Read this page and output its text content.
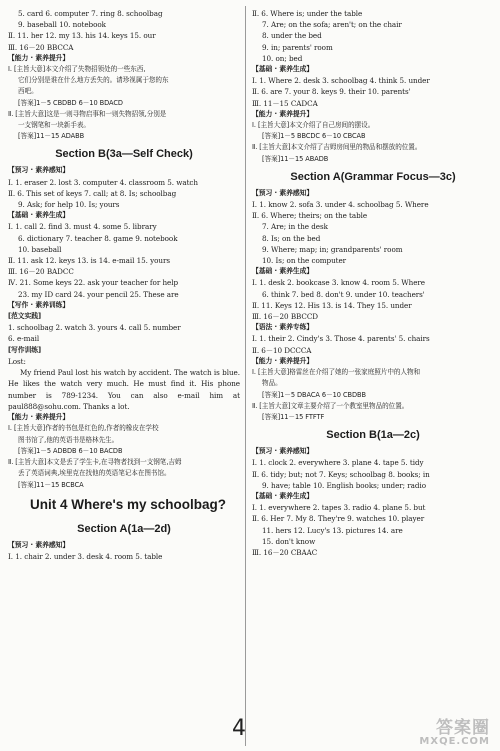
5. card 6. computer 7. ring 8. schoolbag
9. baseball 10. notebook
Ⅱ. 11. her 12. my 13. his 14. keys 15. our
Ⅲ. 16－20 BBCCA
【能力 · 素养提升】
Ⅰ. [主旨大意]本文介绍了失物招领处的一些东西,
它们分别是谁在什么地方丢失的。请珍视属于您的东
西吧。
[答案]1－5 CBDBD 6－10 BDACD
Ⅱ. [主旨大意]这是一则寻物启事和一则失物招领,分别是
一支钢笔和一块新手表。
[答案]11－15 ADABB
Section B(3a—Self Check)
【预习 · 素养感知】
Ⅰ. 1. eraser 2. lost 3. computer 4. classroom 5. watch
Ⅱ. 6. This set of keys 7. call; at 8. Is; schoolbag
9. Ask; for help 10. Is; yours
【基础 · 素养生成】
Ⅰ. 1. call 2. find 3. must 4. some 5. library
6. dictionary 7. teacher 8. game 9. notebook
10. baseball
Ⅱ. 11. ask 12. keys 13. is 14. e-mail 15. yours
Ⅲ. 16－20 BADCC
Ⅳ. 21. Some keys 22. ask your teacher for help
23. my ID card 24. your pencil 25. These are
【写作 · 素养训练】
[范文实践]
1. schoolbag 2. watch 3. yours 4. call 5. number
6. e-mail
[写作训练]
Lost:
My friend Paul lost his watch by accident. The watch is blue. He likes the watch very much. He must find it. His phone number is 789-1234. You can also e-mail him at paul888@sohu.com. Thanks a lot.
【能力 · 素养提升】
Ⅰ. [主旨大意]作者的书包是红色的,作者的橡皮在学校
图书馆了,他的英语书是格林先生。
[答案]1－5 ADBDB 6－10 BACDB
Ⅱ. [主旨大意]本文是丢了学生卡,在寻物者找到一支钢笔,吉姆
丢了英语词典,埃里克在找他的英语笔记本在图书馆。
[答案]11－15 BCBCA
Unit 4 Where's my schoolbag?
Section A(1a—2d)
【预习 · 素养感知】
Ⅰ. 1. chair 2. under 3. desk 4. room 5. table
Ⅱ. 6. Where is; under the table
7. Are; on the sofa; aren't; on the chair
8. under the bed
9. in; parents' room
10. on; bed
【基础 · 素养生成】
Ⅰ. 1. Where 2. desk 3. schoolbag 4. think 5. under
Ⅱ. 6. are 7. your 8. keys 9. their 10. parents'
Ⅲ. 11－15 CADCA
【能力 · 素养提升】
Ⅰ. [主旨大意]本文介绍了自己房间的摆设。
[答案]1－5 BBCDC 6－10 CBCAB
Ⅱ. [主旨大意]本文介绍了吉姆房间里的物品和摆放的位置。
[答案]11－15 ABADB
Section A(Grammar Focus—3c)
【预习 · 素养感知】
Ⅰ. 1. know 2. sofa 3. under 4. schoolbag 5. Where
Ⅱ. 6. Where; theirs; on the table
7. Are; in the desk
8. Is; on the bed
9. Where; map; in; grandparents' room
10. Is; on the computer
【基础 · 素养生成】
Ⅰ. 1. desk 2. bookcase 3. know 4. room 5. Where
6. think 7. bed 8. don't 9. under 10. teachers'
Ⅱ. 11. Keys 12. His 13. is 14. They 15. under
Ⅲ. 16－20 BBCCD
【语法 · 素养专练】
Ⅰ. 1. their 2. Cindy's 3. Those 4. parents' 5. chairs
Ⅱ. 6－10 DCCCA
【能力 · 素养提升】
Ⅰ. [主旨大意]格雷丝在介绍了她的一张家庭照片中的人物和
物品。
[答案]1－5 DBACA 6－10 CBDBB
Ⅱ. [主旨大意]文章主要介绍了一个教室里物品的位置。
[答案]11－15 FTFTF
Section B(1a—2c)
【预习 · 素养感知】
Ⅰ. 1. clock 2. everywhere 3. plane 4. tape 5. tidy
Ⅱ. 6. tidy; but; not 7. Keys; schoolbag 8. books; in
9. have; table 10. English books; under; radio
【基础 · 素养生成】
Ⅰ. 1. everywhere 2. tapes 3. radio 4. plane 5. but
Ⅱ. 6. Her 7. My 8. They're 9. watches 10. player
11. hers 12. Lucy's 13. pictures 14. are
15. don't know
Ⅲ. 16－20 CBAAC
4	答案圈
MXQE.COM
